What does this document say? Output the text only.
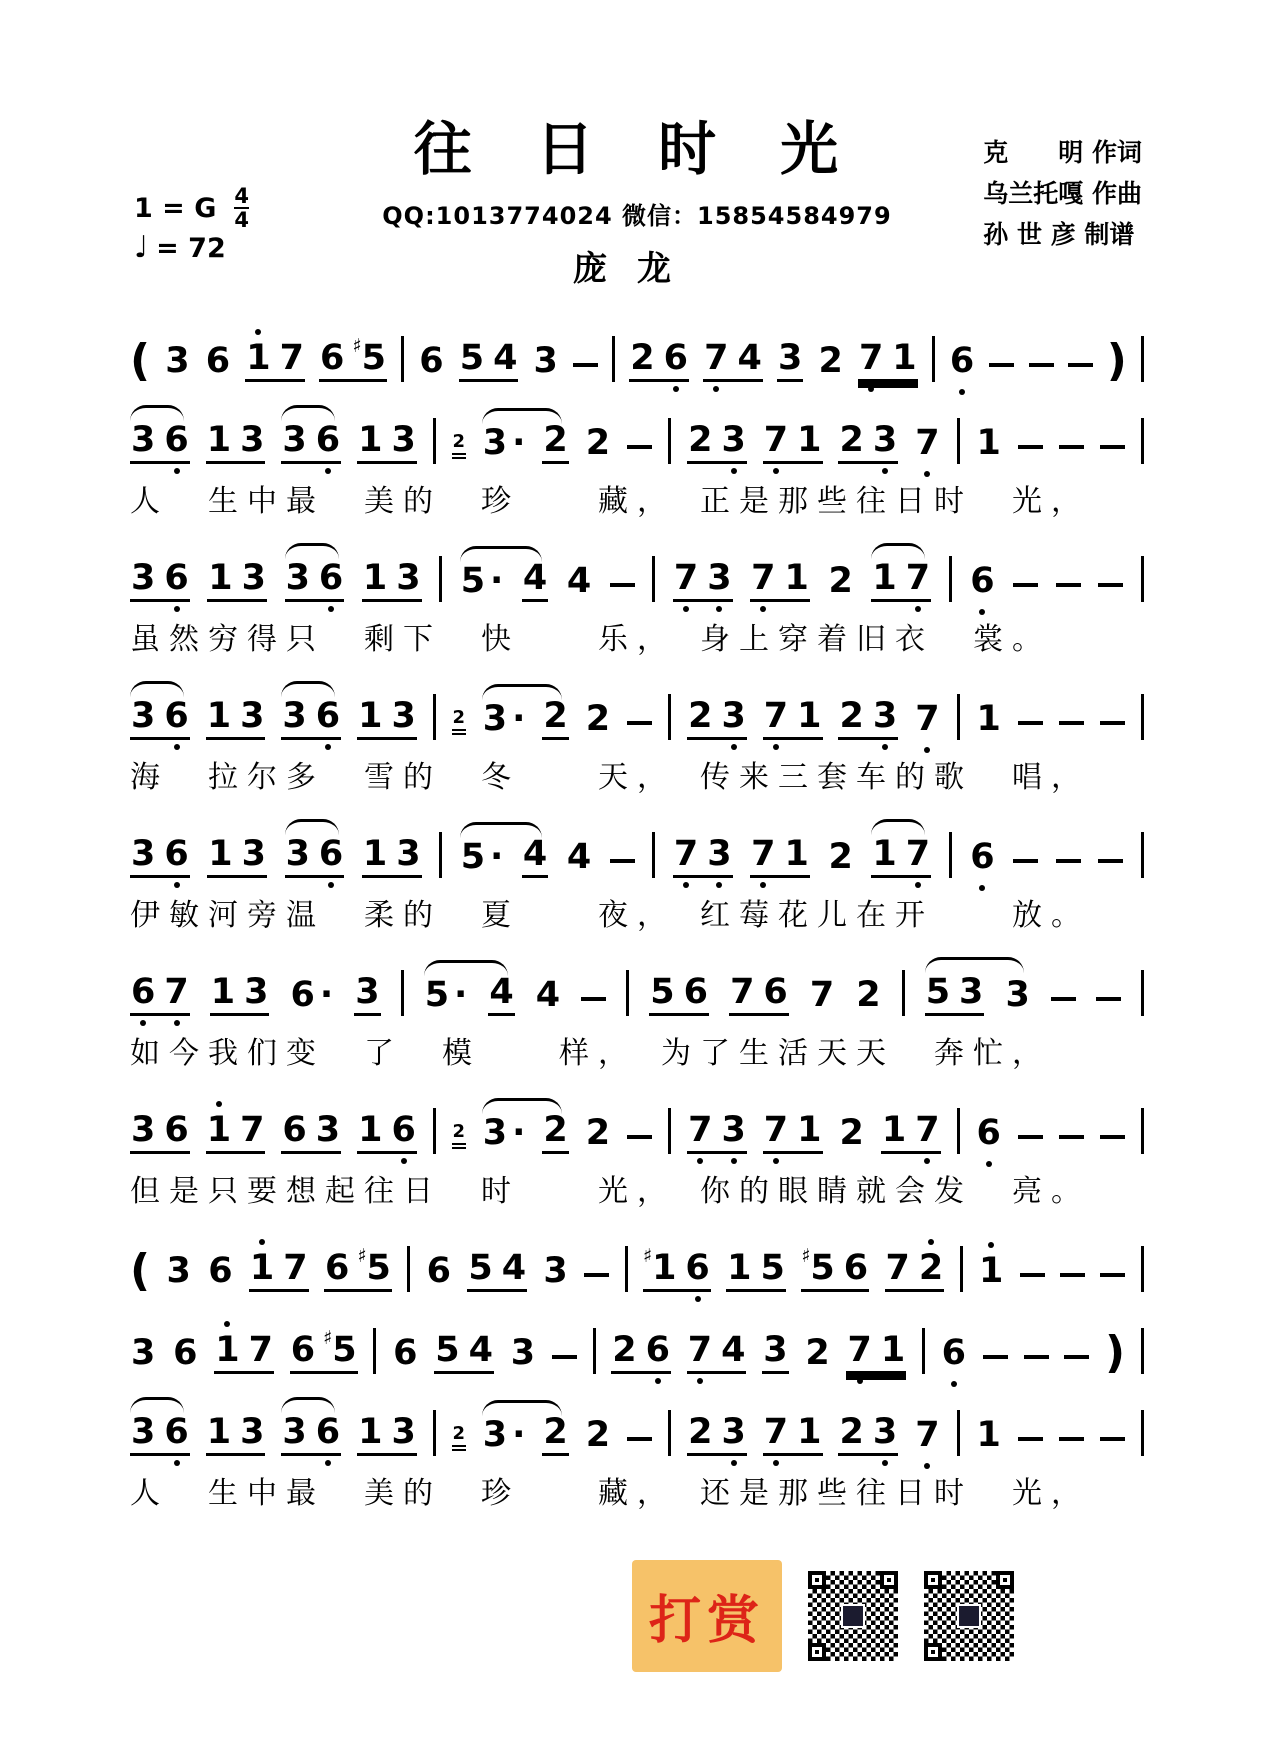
往 日 时 光
QQ:1013774024 微信：15854584979
庞龙
1 = G $\frac{4}{4}$
♩ = 72
克　　明 作词
乌兰托嘎 作曲
孙 世 彦 制谱
( 3 6 1 7 6 ♯ 5 6 5 4 3 2 6 7 4 3 2 7 1 6	)
3 6 1 3 3 6 1 3 2 3 · 2 2 2 3 7 1 2 3 7 1
人　生中最　美的　珍　　藏，　正是那些往日时　光，
3 6 1 3 3 6 1 3 5 · 4 4 7 3 7 1 2 1 7 6
虽然穷得只　剩下　快　　乐，　身上穿着旧衣　裳。
3 6 1 3 3 6 1 3 2 3 · 2 2 2 3 7 1 2 3 7 1
海　拉尔多　雪的　冬　　天，　传来三套车的歌　唱，
3 6 1 3 3 6 1 3 5 · 4 4 7 3 7 1 2 1 7 6
伊敏河旁温　柔的　夏　　夜，　红莓花儿在开　　放。
6 7 1 3 6 · 3 5 · 4 4	5 6 7 6 7 2 5 3 3
如今我们变　了　模　　样，　为了生活天天　奔忙，
3 6 1 7 6 3 1 6 2 3 · 2 2 7 3 7 1 2 1 7 6
但是只要想起往日　时　　光，　你的眼睛就会发　亮。
( 3 6 1 7 6 ♯ 5 6 5 4 3	♯ 1 6 1 5 ♯ 5 6 7 2 1
3 6 1 7 6 ♯ 5 6 5 4 3 2 6 7 4 3 2 7 1 6	)
3 6 1 3 3 6 1 3 2 3 · 2 2 2 3 7 1 2 3 7 1
人　生中最　美的　珍　　藏，　还是那些往日时　光，
打赏
